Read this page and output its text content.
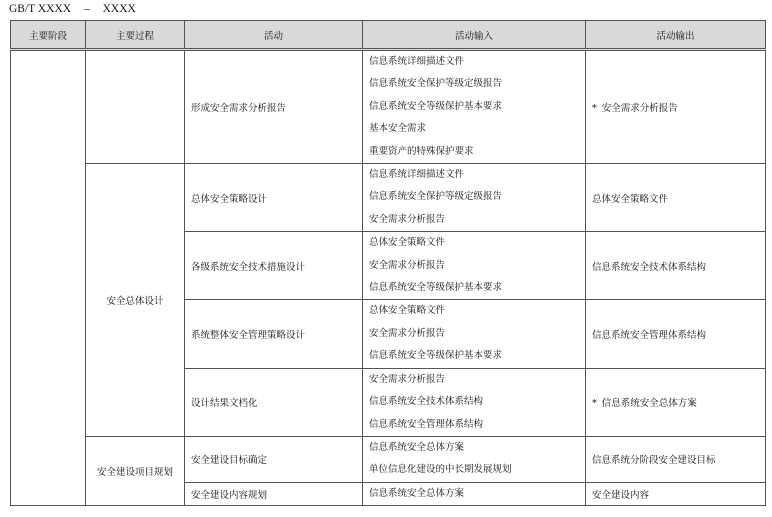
GB/T XXXX – XXXX
主要阶段	主要过程	活动	活动输入	活动输出
		形成安全需求分析报告	信息系统详细描述文件
信息系统安全保护等级定级报告
信息系统安全等级保护基本要求
基本安全需求
重要资产的特殊保护要求	* 安全需求分析报告
	安全总体设计	总体安全策略设计	信息系统详细描述文件
信息系统安全保护等级定级报告
安全需求分析报告	总体安全策略文件
		各级系统安全技术措施设计	总体安全策略文件
安全需求分析报告
信息系统安全等级保护基本要求	信息系统安全技术体系结构
		系统整体安全管理策略设计	总体安全策略文件
安全需求分析报告
信息系统安全等级保护基本要求	信息系统安全管理体系结构
		设计结果文档化	安全需求分析报告
信息系统安全技术体系结构
信息系统安全管理体系结构	* 信息系统安全总体方案
	安全建设项目规划	安全建设目标确定	信息系统安全总体方案
单位信息化建设的中长期发展规划	信息系统分阶段安全建设目标
		安全建设内容规划	信息系统安全总体方案	安全建设内容
